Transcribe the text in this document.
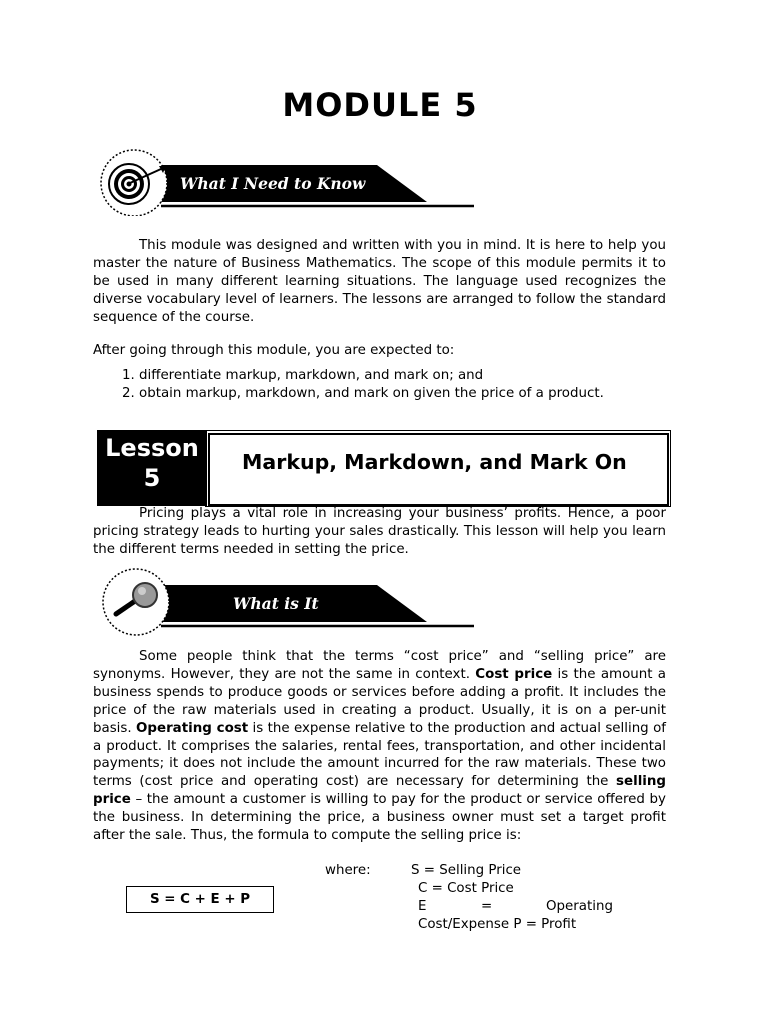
MODULE 5
What I Need to Know

This module was designed and written with you in mind. It is here to help you master the nature of Business Mathematics. The scope of this module permits it to be used in many different learning situations. The language used recognizes the diverse vocabulary level of learners. The lessons are arranged to follow the standard sequence of the course.

After going through this module, you are expected to:

1. differentiate markup, markdown, and mark on; and
2. obtain markup, markdown, and mark on given the price of a product.
Lesson
5
Markup, Markdown, and Mark On

Pricing plays a vital role in increasing your business’ profits. Hence, a poor pricing strategy leads to hurting your sales drastically. This lesson will help you learn the different terms needed in setting the price.

What is It

Some people think that the terms “cost price” and “selling price” are synonyms. However, they are not the same in context. Cost price is the amount a business spends to produce goods or services before adding a profit. It includes the price of the raw materials used in creating a product. Usually, it is on a per-unit basis. Operating cost is the expense relative to the production and actual selling of a product. It comprises the salaries, rental fees, transportation, and other incidental payments; it does not include the amount incurred for the raw materials. These two terms (cost price and operating cost) are necessary for determining the selling price – the amount a customer is willing to pay for the product or service offered by the business. In determining the price, a business owner must set a target profit after the sale. Thus, the formula to compute the selling price is:

S = C + E + P
where:	S = Selling Price
C = Cost Price
E	=	Operating
Cost/Expense P = Profit
